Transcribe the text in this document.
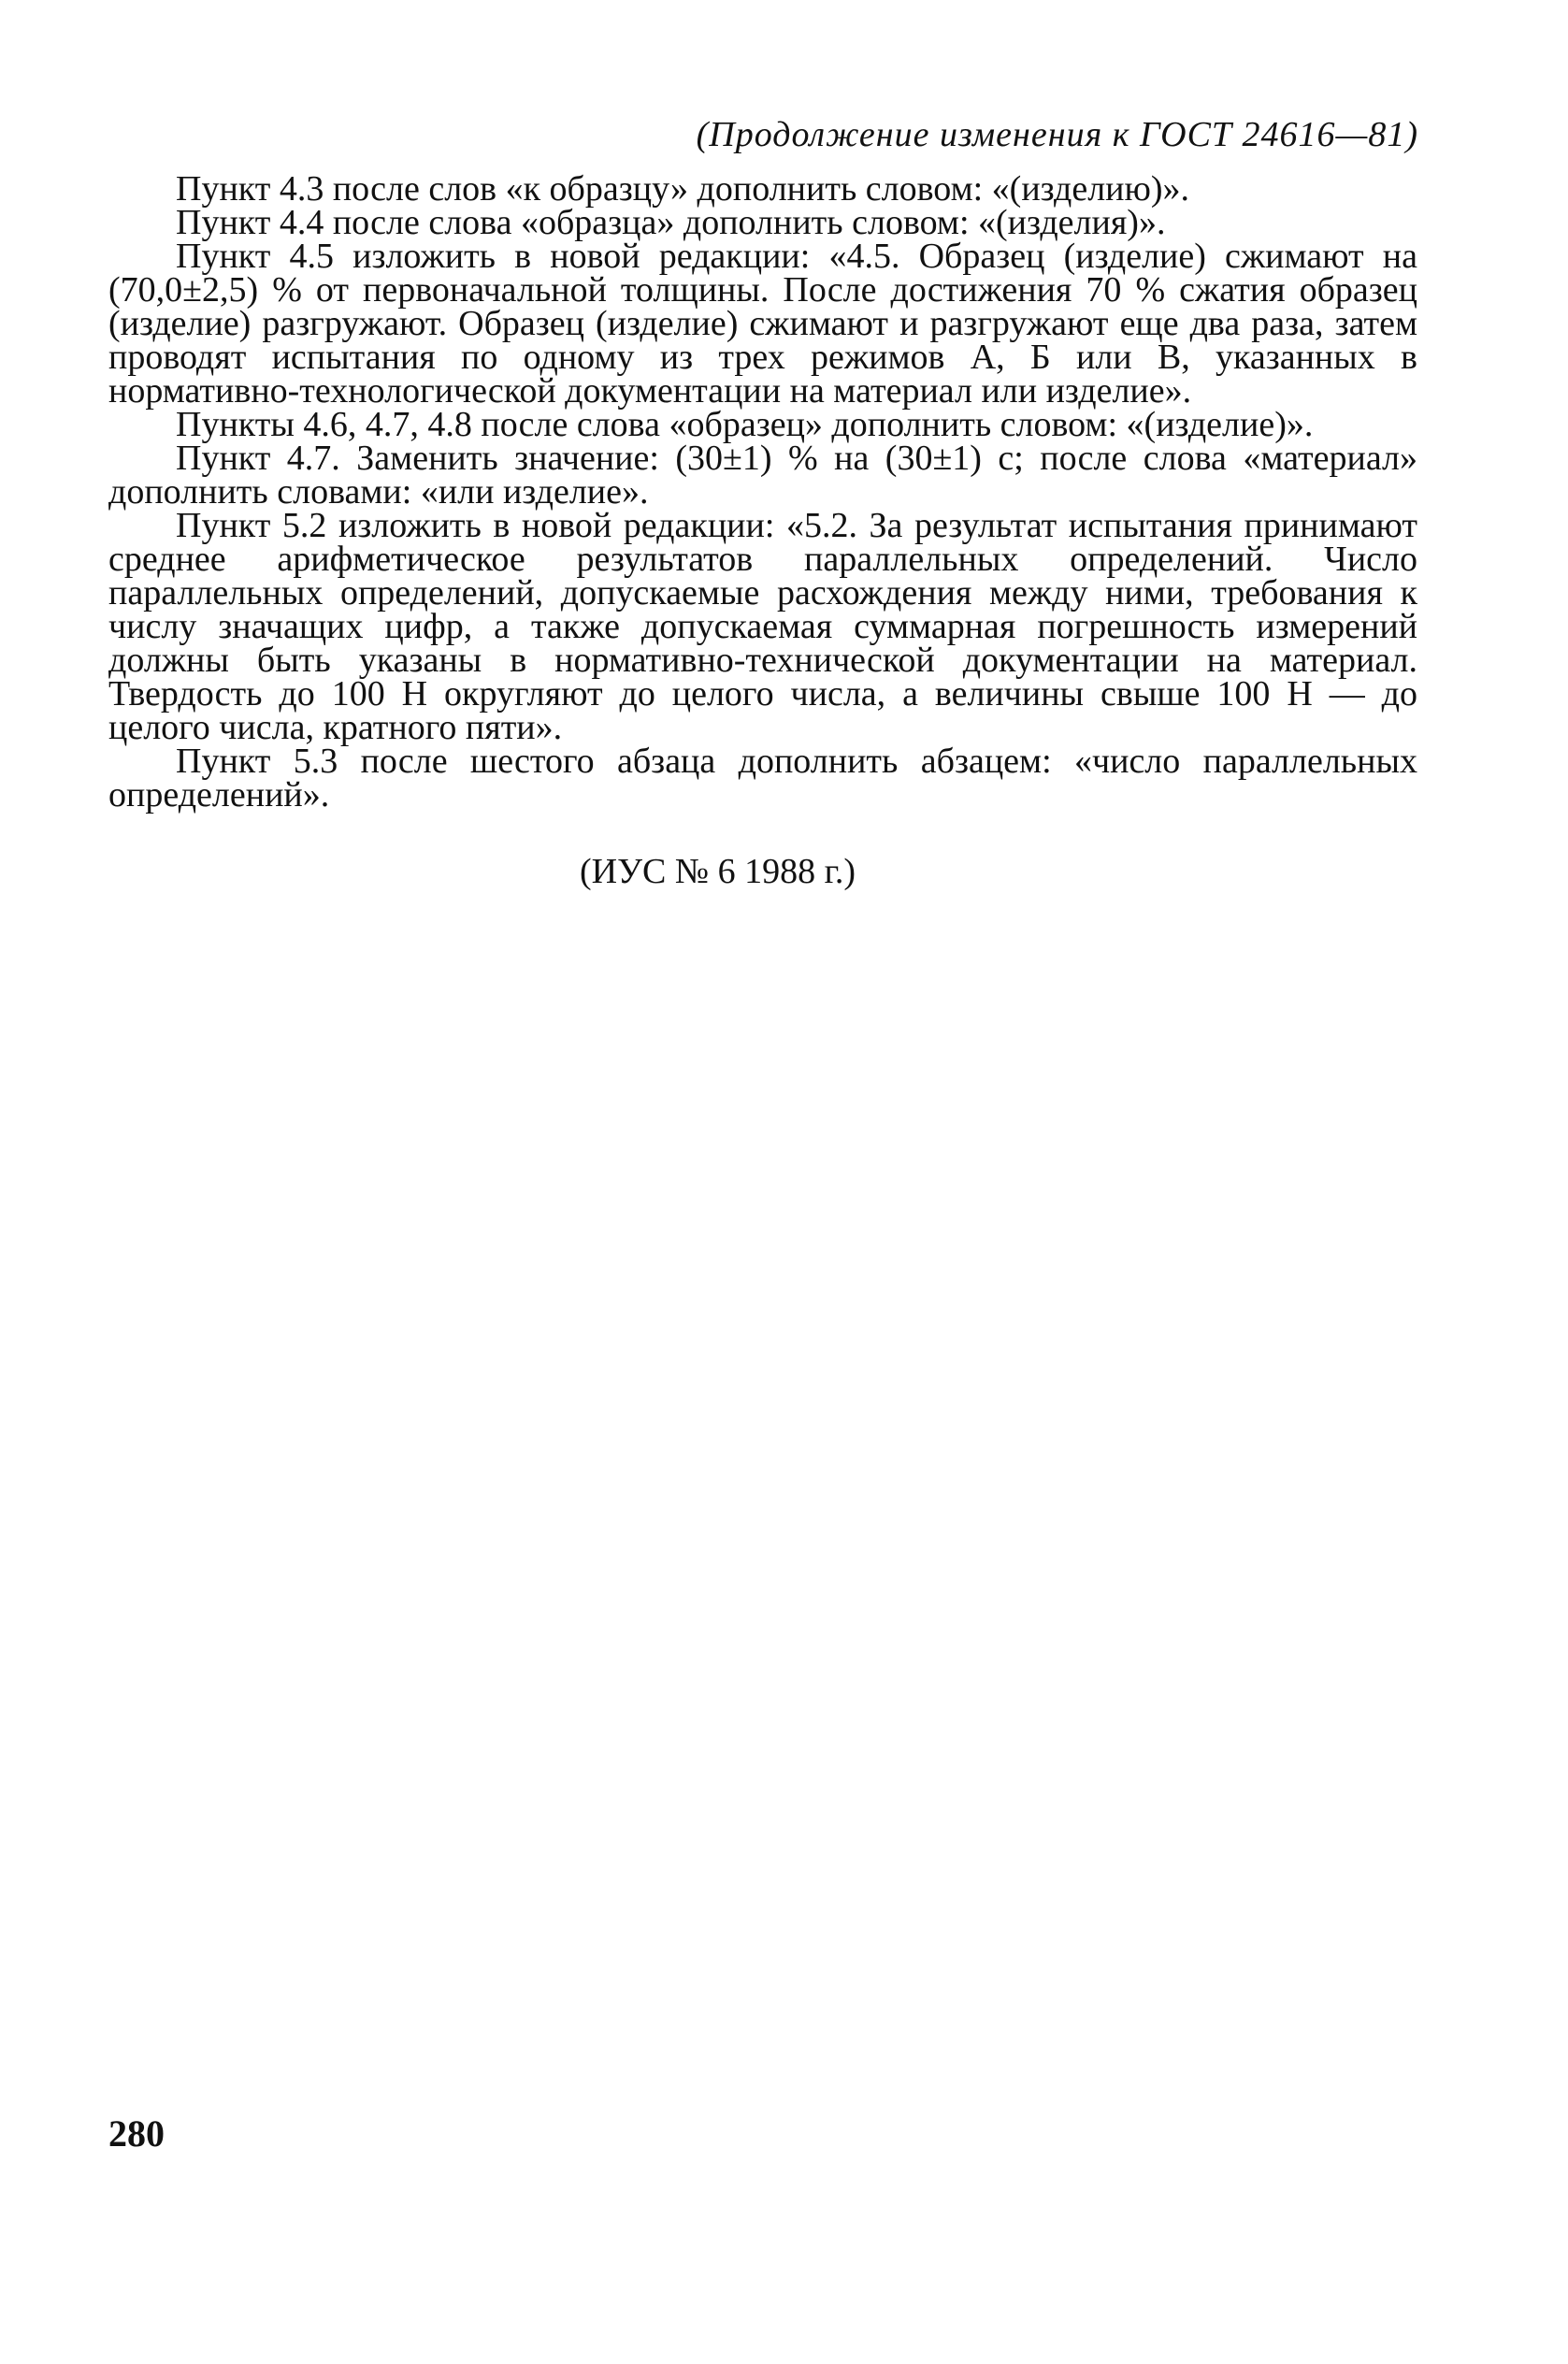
(Продолжение изменения к ГОСТ 24616—81)

Пункт 4.3 после слов «к образцу» дополнить словом: «(изделию)».

Пункт 4.4 после слова «образца» дополнить словом: «(изделия)».

Пункт 4.5 изложить в новой редакции: «4.5. Образец (изделие) сжимают на (70,0±2,5) % от первоначальной толщины. После достижения 70 % сжатия образец (изделие) разгружают. Образец (изделие) сжимают и разгружают еще два раза, затем проводят испытания по одному из трех режимов А, Б или В, указанных в нормативно-технологической документации на материал или изделие».

Пункты 4.6, 4.7, 4.8 после слова «образец» дополнить словом: «(изделие)».

Пункт 4.7. Заменить значение: (30±1) % на (30±1) с; после слова «материал» дополнить словами: «или изделие».

Пункт 5.2 изложить в новой редакции: «5.2. За результат испытания принимают среднее арифметическое результатов параллельных определений. Число параллельных определений, допускаемые расхождения между ними, требования к числу значащих цифр, а также допускаемая суммарная погрешность измерений должны быть указаны в нормативно-технической документации на материал. Твердость до 100 Н округляют до целого числа, а величины свыше 100 Н — до целого числа, кратного пяти».

Пункт 5.3 после шестого абзаца дополнить абзацем: «число параллельных определений».

(ИУС № 6 1988 г.)
280
